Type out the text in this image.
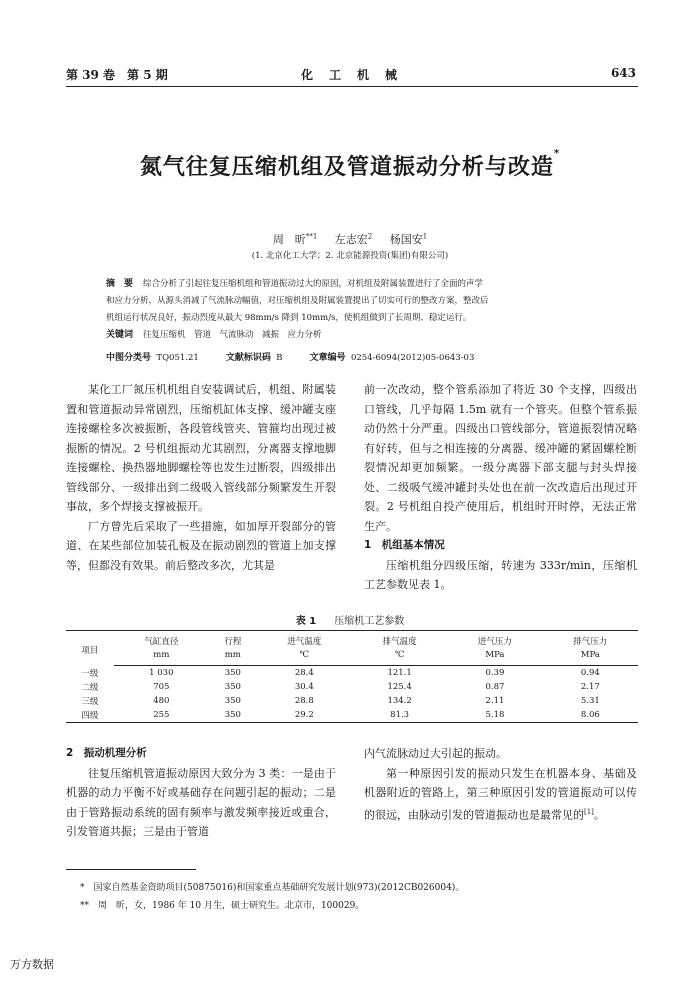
第 39 卷　第 5 期	化　工　机　械	643
氮气往复压缩机组及管道振动分析与改造*
周　昕$^{**1}$ 左志宏$^2$ 杨国安$^1$
(1. 北京化工大学；2. 北京能源投资(集团)有限公司)
摘　要 综合分析了引起往复压缩机组和管道振动过大的原因，对机组及附属装置进行了全面的声学
和应力分析，从源头消减了气流脉动幅值，对压缩机组及附属装置提出了切实可行的整改方案，整改后
机组运行状况良好，振动烈度从最大 98mm/s 降到 10mm/s，使机组做到了长周期、稳定运行。
关键词 往复压缩机　管道　气流脉动　减振　应力分析
中图分类号 TQ051.21	文献标识码 B	文章编号 0254-6094(2012)05-0643-03

某化工厂氮压机机组自安装调试后，机组、附属装置和管道振动异常剧烈，压缩机缸体支撑、缓冲罐支座连接螺栓多次被振断，各段管线管夹、管箍均出现过被振断的情况。2 号机组振动尤其剧烈，分离器支撑地脚连接螺栓、换热器地脚螺栓等也发生过断裂，四级排出管线部分、一级排出到二级吸入管线部分频繁发生开裂事故，多个焊接支撑被振开。

厂方曾先后采取了一些措施，如加厚开裂部分的管道、在某些部位加装孔板及在振动剧烈的管道上加支撑等，但都没有效果。前后整改多次，尤其是

前一次改动，整个管系添加了将近 30 个支撑，四级出口管线，几乎每隔 1.5m 就有一个管夹。但整个管系振动仍然十分严重。四级出口管线部分，管道振裂情况略有好转，但与之相连接的分离器、缓冲罐的紧固螺栓断裂情况却更加频繁。一级分离器下部支腿与封头焊接处、二级吸气缓冲罐封头处也在前一次改造后出现过开裂。2 号机组自投产使用后，机组时开时停，无法正常生产。

1　机组基本情况

压缩机组分四级压缩，转速为 333r/min，压缩机工艺参数见表 1。

表 1 压缩机工艺参数
项目	气缸直径	行程	进气温度	排气温度	进气压力	排气压力
	mm	mm	℃	℃	MPa	MPa
一级	1 030	350	28.4	121.1	0.39	0.94
二级	705	350	30.4	125.4	0.87	2.17
三级	480	350	28.8	134.2	2.11	5.31
四级	255	350	29.2	81.3	5.18	8.06

2　振动机理分析

往复压缩机管道振动原因大致分为 3 类：一是由于机器的动力平衡不好或基础存在问题引起的振动；二是由于管路振动系统的固有频率与激发频率接近或重合，引发管道共振；三是由于管道

内气流脉动过大引起的振动。

第一种原因引发的振动只发生在机器本身、基础及机器附近的管路上，第三种原因引发的管道振动可以传的很远，由脉动引发的管道振动也是最常见的[1]。

*　国家自然基金资助项目(50875016)和国家重点基础研究发展计划(973)(2012CB026004)。
**　周　昕，女，1986 年 10 月生，硕士研究生。北京市，100029。
万方数据
